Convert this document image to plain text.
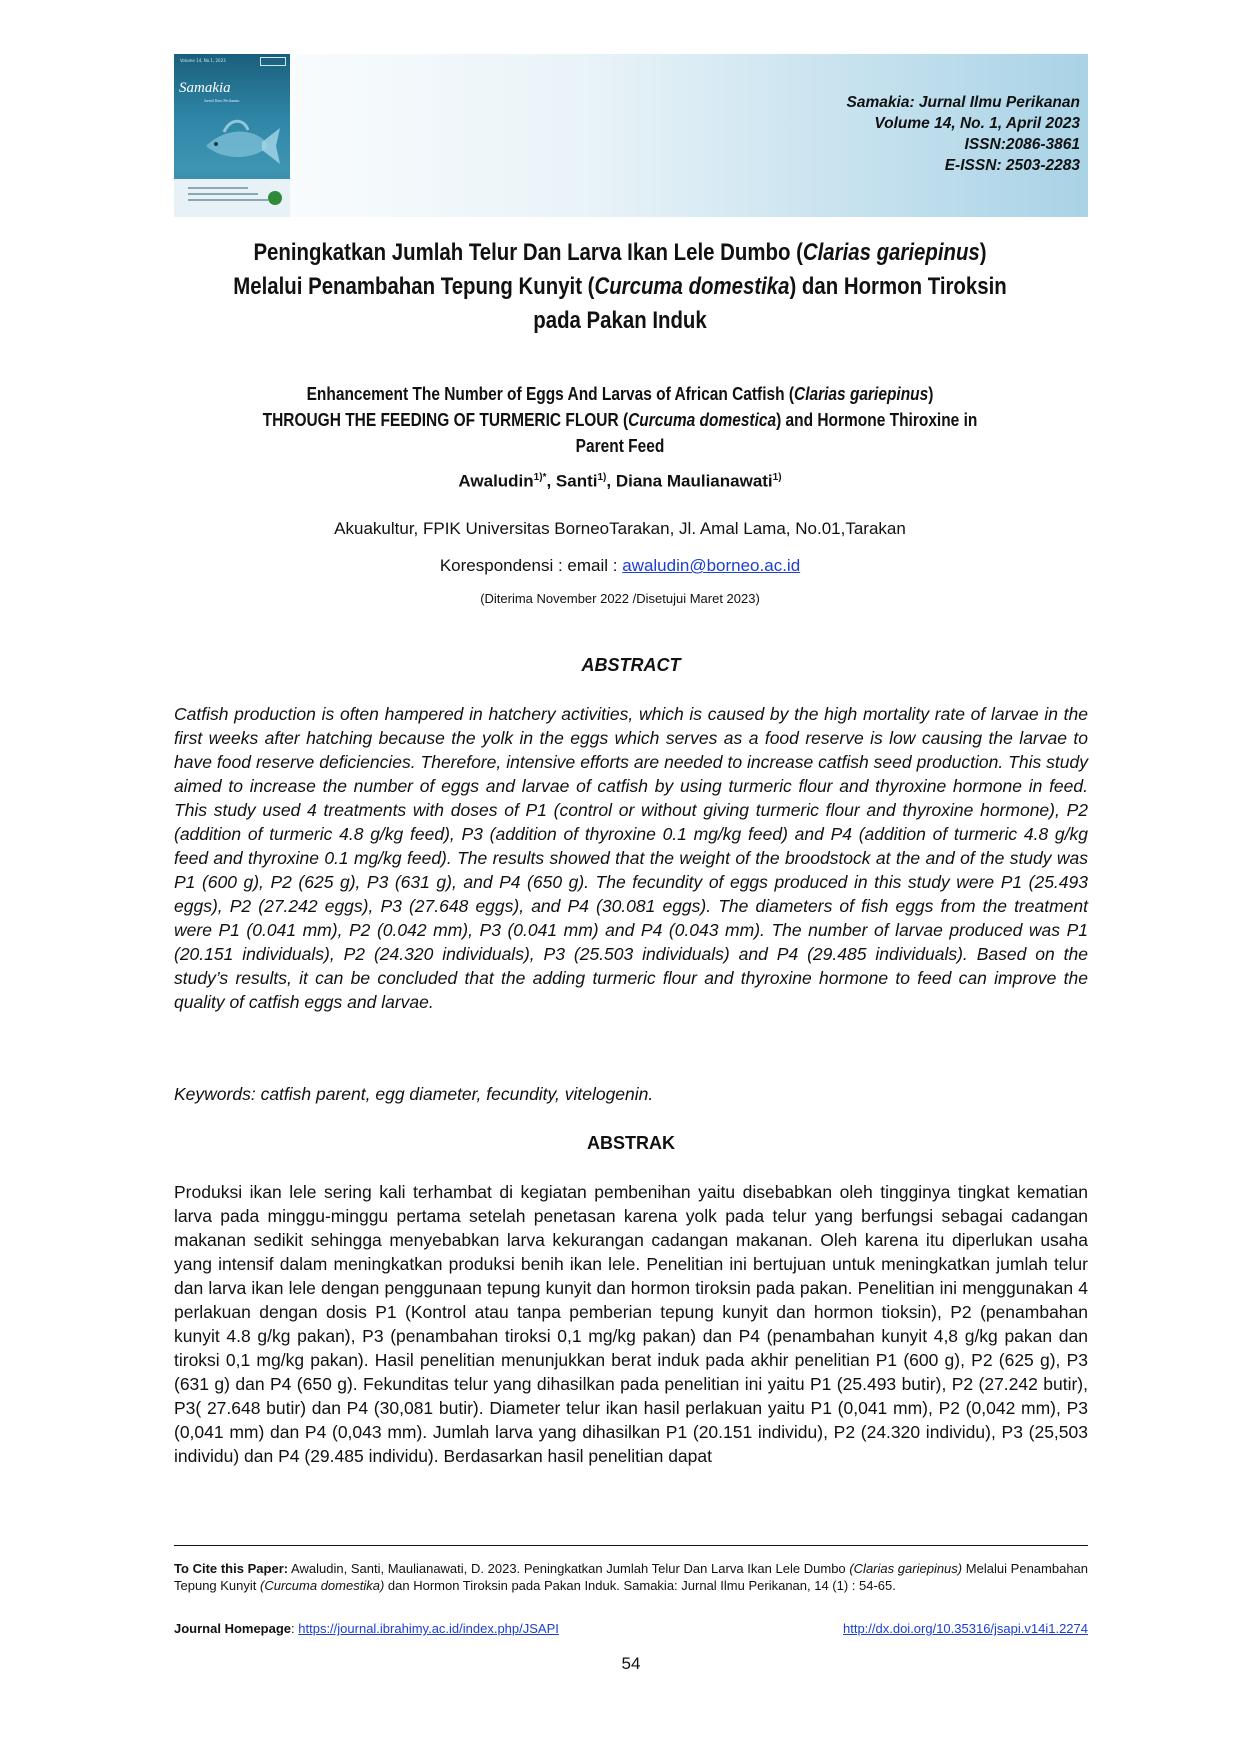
Volume 14, No.1, 2023
Samakia
Jurnal Ilmu Perikanan	Samakia: Jurnal Ilmu Perikanan
Volume 14, No. 1, April 2023
ISSN:2086-3861
E-ISSN: 2503-2283
Peningkatkan Jumlah Telur Dan Larva Ikan Lele Dumbo (Clarias gariepinus)
Melalui Penambahan Tepung Kunyit (Curcuma domestika) dan Hormon Tiroksin
pada Pakan Induk
Enhancement The Number of Eggs And Larvas of African Catfish (Clarias gariepinus)
THROUGH THE FEEDING OF TURMERIC FLOUR (Curcuma domestica) and Hormone Thiroxine in
Parent Feed
Awaludin$^{1)*}$, Santi$^{1)}$, Diana Maulianawati$^{1)}$
Akuakultur, FPIK Universitas BorneoTarakan, Jl. Amal Lama, No.01,Tarakan
Korespondensi : email : awaludin@borneo.ac.id
(Diterima November 2022 /Disetujui Maret 2023)
ABSTRACT
Catfish production is often hampered in hatchery activities, which is caused by the high mortality rate of larvae in the first weeks after hatching because the yolk in the eggs which serves as a food reserve is low causing the larvae to have food reserve deficiencies. Therefore, intensive efforts are needed to increase catfish seed production. This study aimed to increase the number of eggs and larvae of catfish by using turmeric flour and thyroxine hormone in feed. This study used 4 treatments with doses of P1 (control or without giving turmeric flour and thyroxine hormone), P2 (addition of turmeric 4.8 g/kg feed), P3 (addition of thyroxine 0.1 mg/kg feed) and P4 (addition of turmeric 4.8 g/kg feed and thyroxine 0.1 mg/kg feed). The results showed that the weight of the broodstock at the and of the study was P1 (600 g), P2 (625 g), P3 (631 g), and P4 (650 g). The fecundity of eggs produced in this study were P1 (25.493 eggs), P2 (27.242 eggs), P3 (27.648 eggs), and P4 (30.081 eggs). The diameters of fish eggs from the treatment were P1 (0.041 mm), P2 (0.042 mm), P3 (0.041 mm) and P4 (0.043 mm). The number of larvae produced was P1 (20.151 individuals), P2 (24.320 individuals), P3 (25.503 individuals) and P4 (29.485 individuals). Based on the study’s results, it can be concluded that the adding turmeric flour and thyroxine hormone to feed can improve the quality of catfish eggs and larvae.
Keywords: catfish parent, egg diameter, fecundity, vitelogenin.
ABSTRAK
Produksi ikan lele sering kali terhambat di kegiatan pembenihan yaitu disebabkan oleh tingginya tingkat kematian larva pada minggu-minggu pertama setelah penetasan karena yolk pada telur yang berfungsi sebagai cadangan makanan sedikit sehingga menyebabkan larva kekurangan cadangan makanan. Oleh karena itu diperlukan usaha yang intensif dalam meningkatkan produksi benih ikan lele. Penelitian ini bertujuan untuk meningkatkan jumlah telur dan larva ikan lele dengan penggunaan tepung kunyit dan hormon tiroksin pada pakan. Penelitian ini menggunakan 4 perlakuan dengan dosis P1 (Kontrol atau tanpa pemberian tepung kunyit dan hormon tioksin), P2 (penambahan kunyit 4.8 g/kg pakan), P3 (penambahan tiroksi 0,1 mg/kg pakan) dan P4 (penambahan kunyit 4,8 g/kg pakan dan tiroksi 0,1 mg/kg pakan). Hasil penelitian menunjukkan berat induk pada akhir penelitian P1 (600 g), P2 (625 g), P3 (631 g) dan P4 (650 g). Fekunditas telur yang dihasilkan pada penelitian ini yaitu P1 (25.493 butir), P2 (27.242 butir), P3( 27.648 butir) dan P4 (30,081 butir). Diameter telur ikan hasil perlakuan yaitu P1 (0,041 mm), P2 (0,042 mm), P3 (0,041 mm) dan P4 (0,043 mm). Jumlah larva yang dihasilkan P1 (20.151 individu), P2 (24.320 individu), P3 (25,503 individu) dan P4 (29.485 individu). Berdasarkan hasil penelitian dapat
To Cite this Paper: Awaludin, Santi, Maulianawati, D. 2023. Peningkatkan Jumlah Telur Dan Larva Ikan Lele Dumbo (Clarias gariepinus) Melalui Penambahan Tepung Kunyit (Curcuma domestika) dan Hormon Tiroksin pada Pakan Induk. Samakia: Jurnal Ilmu Perikanan, 14 (1) : 54-65.
Journal Homepage: https://journal.ibrahimy.ac.id/index.php/JSAPI	http://dx.doi.org/10.35316/jsapi.v14i1.2274
54
